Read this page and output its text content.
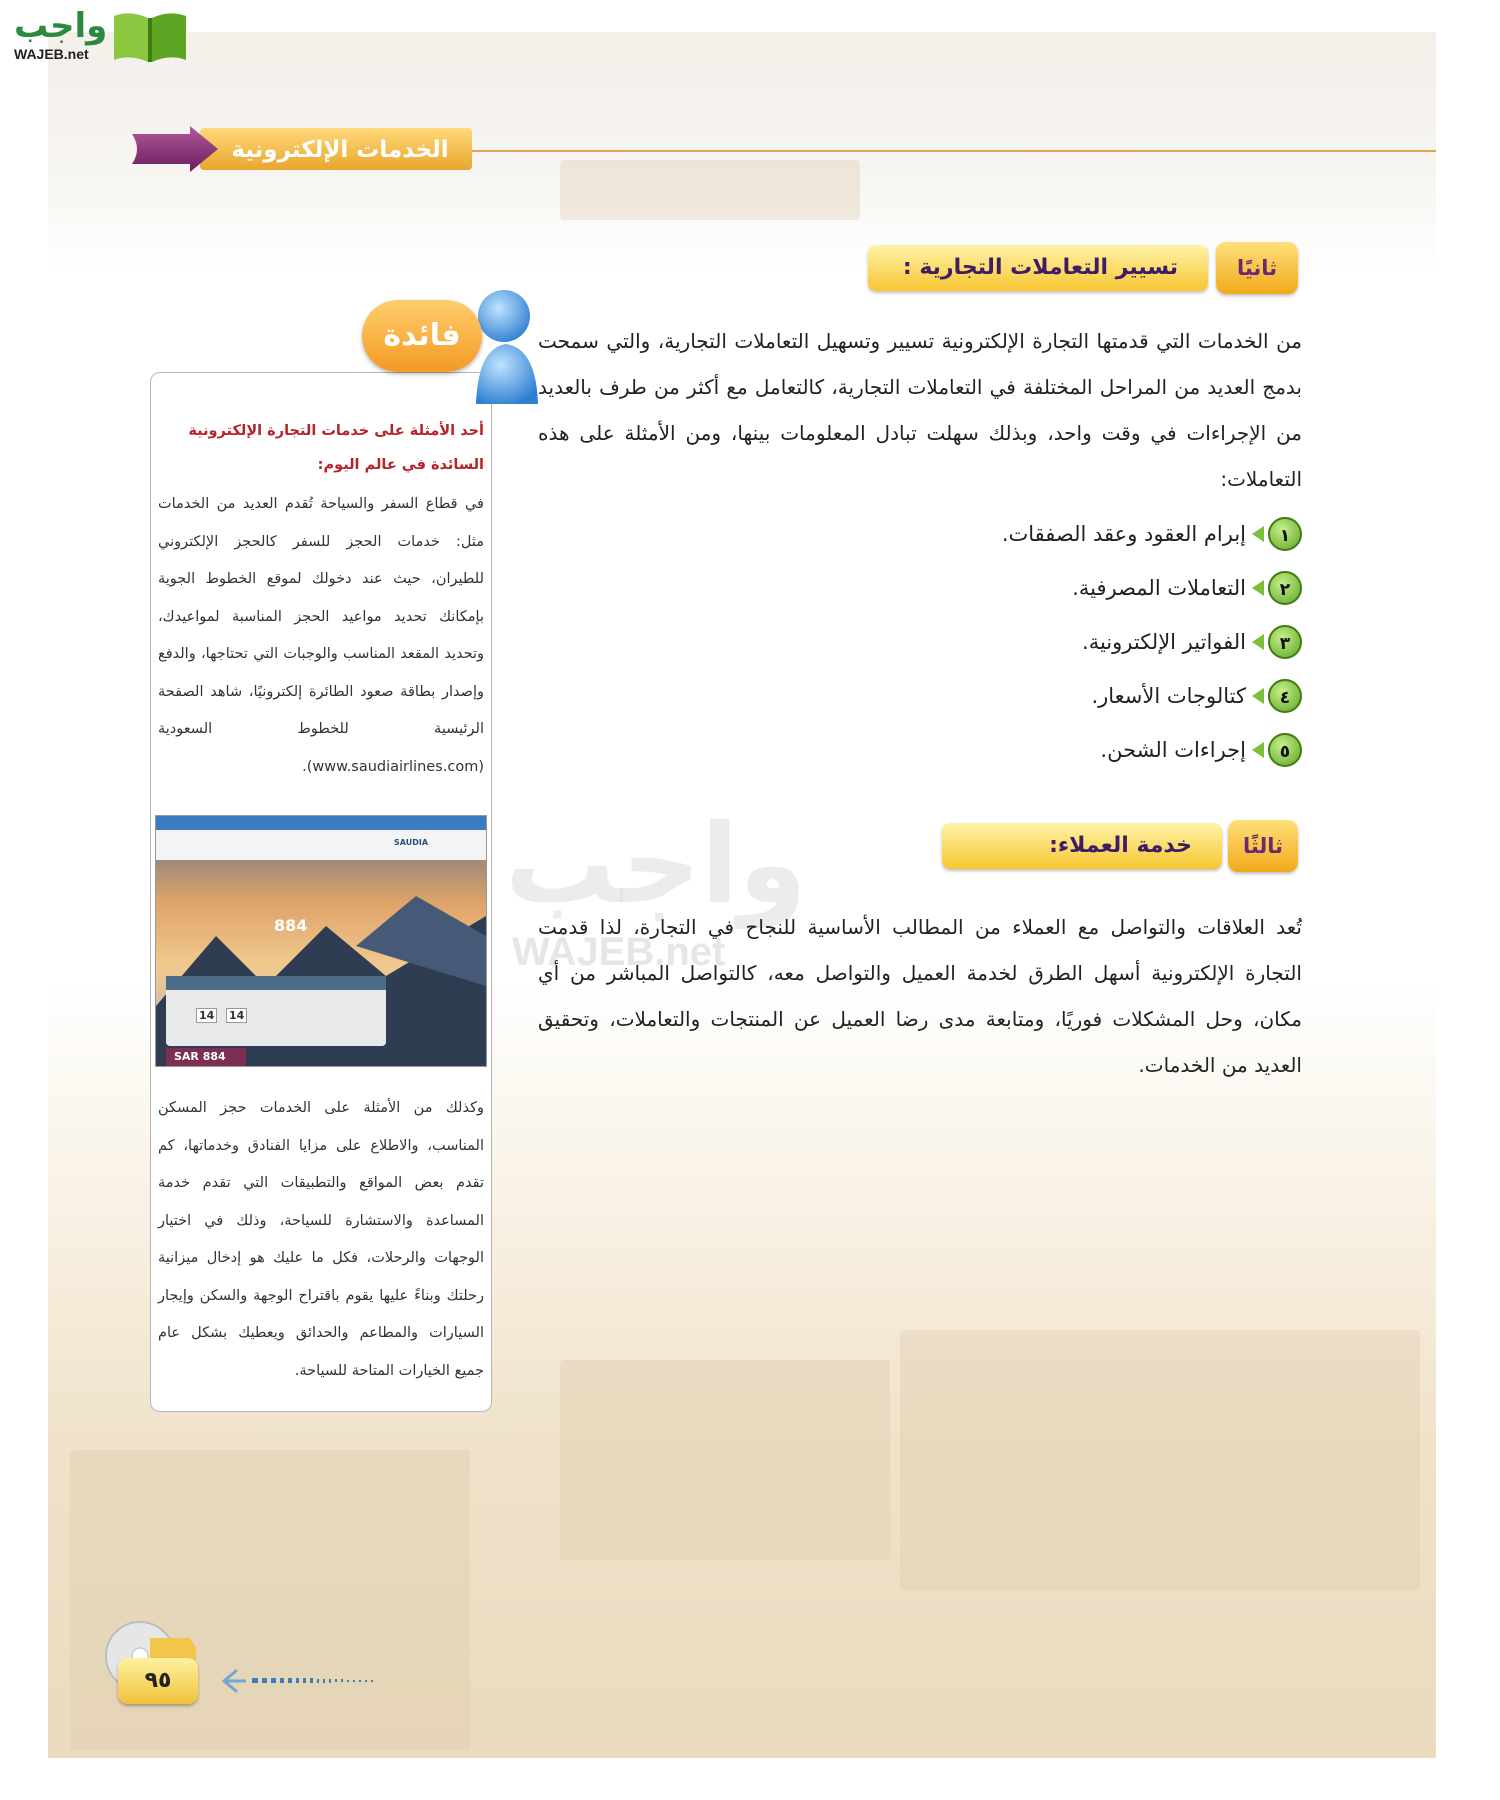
واجب
WAJEB.net
الخدمات الإلكترونية
ثانيًا
تسيير التعاملات التجارية :
من الخدمات التي قدمتها التجارة الإلكترونية تسيير وتسهيل التعاملات التجارية، والتي سمحت بدمج العديد من المراحل المختلفة في التعاملات التجارية، كالتعامل مع أكثر من طرف بالعديد من الإجراءات في وقت واحد، وبذلك سهلت تبادل المعلومات بينها، ومن الأمثلة على هذه التعاملات:
١
إبرام العقود وعقد الصفقات.
٢
التعاملات المصرفية.
٣
الفواتير الإلكترونية.
٤
كتالوجات الأسعار.
٥
إجراءات الشحن.
واجب
WAJEB.net
ثالثًا
خدمة العملاء:
تُعد العلاقات والتواصل مع العملاء من المطالب الأساسية للنجاح في التجارة، لذا قدمت التجارة الإلكترونية أسهل الطرق لخدمة العميل والتواصل معه، كالتواصل المباشر من أي مكان، وحل المشكلات فوريًا، ومتابعة مدى رضا العميل عن المنتجات والتعاملات، وتحقيق العديد من الخدمات.
فائدة
أحد الأمثلة على خدمات التجارة الإلكترونية السائدة في عالم اليوم:
في قطاع السفر والسياحة تُقدم العديد من الخدمات مثل: خدمات الحجز للسفر كالحجز الإلكتروني للطيران، حيث عند دخولك لموقع الخطوط الجوية بإمكانك تحديد مواعيد الحجز المناسبة لمواعيدك، وتحديد المقعد المناسب والوجبات التي تحتاجها، والدفع وإصدار بطاقة صعود الطائرة إلكترونيًا، شاهد الصفحة الرئيسية للخطوط السعودية (www.saudiairlines.com).
SAUDIA
884
14 14
SAR 884
وكذلك من الأمثلة على الخدمات حجز المسكن المناسب، والاطلاع على مزايا الفنادق وخدماتها، كم تقدم بعض المواقع والتطبيقات التي تقدم خدمة المساعدة والاستشارة للسياحة، وذلك في اختيار الوجهات والرحلات، فكل ما عليك هو إدخال ميزانية رحلتك وبناءً عليها يقوم باقتراح الوجهة والسكن وإيجار السيارات والمطاعم والحدائق ويعطيك بشكل عام جميع الخيارات المتاحة للسياحة.
٩٥
